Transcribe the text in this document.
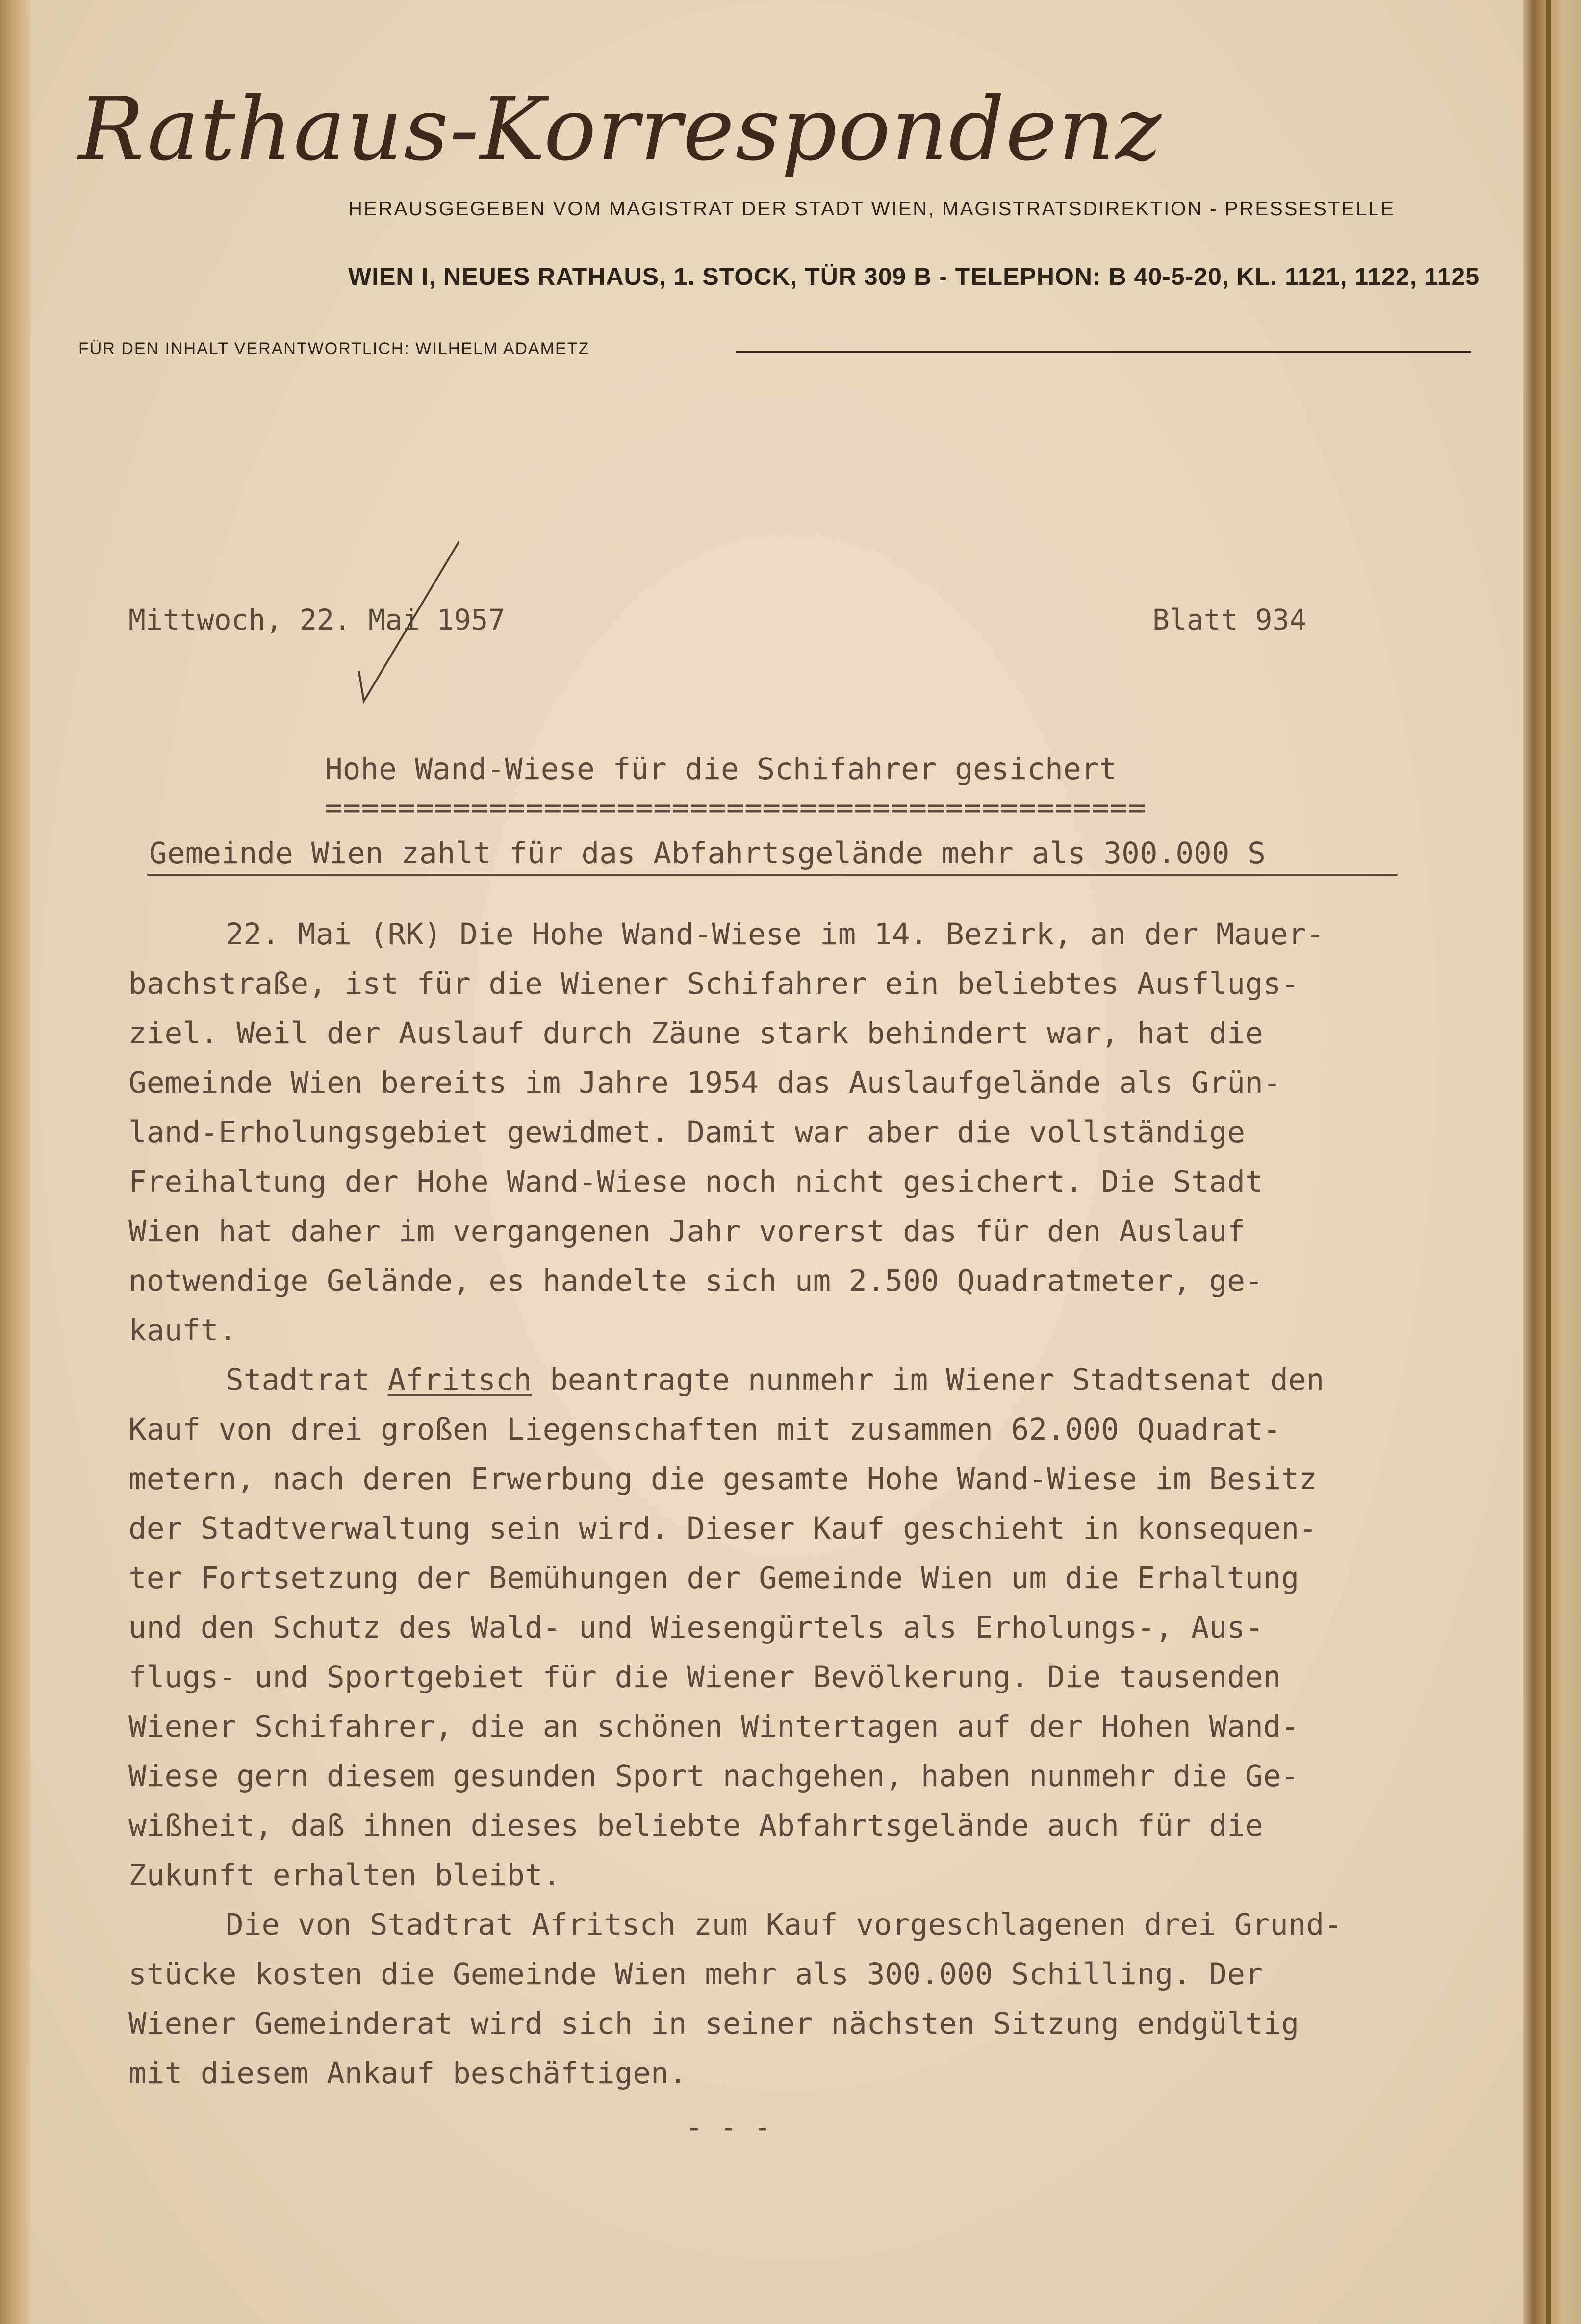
Rathaus-Korrespondenz
HERAUSGEGEBEN VOM MAGISTRAT DER STADT WIEN, MAGISTRATSDIREKTION - PRESSESTELLE
WIEN I, NEUES RATHAUS, 1. STOCK, TÜR 309 B - TELEPHON: B 40-5-20, KL. 1121, 1122, 1125
FÜR DEN INHALT VERANTWORTLICH: WILHELM ADAMETZ
Mittwoch, 22. Mai 1957	Blatt 934
Hohe Wand-Wiese für die Schifahrer gesichert
=============================================
Gemeinde Wien zahlt für das Abfahrtsgelände mehr als 300.000 S
22. Mai (RK) Die Hohe Wand-Wiese im 14. Bezirk, an der Mauer-
bachstraße, ist für die Wiener Schifahrer ein beliebtes Ausflugs-
ziel. Weil der Auslauf durch Zäune stark behindert war, hat die
Gemeinde Wien bereits im Jahre 1954 das Auslaufgelände als Grün-
land-Erholungsgebiet gewidmet. Damit war aber die vollständige
Freihaltung der Hohe Wand-Wiese noch nicht gesichert. Die Stadt
Wien hat daher im vergangenen Jahr vorerst das für den Auslauf
notwendige Gelände, es handelte sich um 2.500 Quadratmeter, ge-
kauft.
Stadtrat Afritsch beantragte nunmehr im Wiener Stadtsenat den
Kauf von drei großen Liegenschaften mit zusammen 62.000 Quadrat-
metern, nach deren Erwerbung die gesamte Hohe Wand-Wiese im Besitz
der Stadtverwaltung sein wird. Dieser Kauf geschieht in konsequen-
ter Fortsetzung der Bemühungen der Gemeinde Wien um die Erhaltung
und den Schutz des Wald- und Wiesengürtels als Erholungs-, Aus-
flugs- und Sportgebiet für die Wiener Bevölkerung. Die tausenden
Wiener Schifahrer, die an schönen Wintertagen auf der Hohen Wand-
Wiese gern diesem gesunden Sport nachgehen, haben nunmehr die Ge-
wißheit, daß ihnen dieses beliebte Abfahrtsgelände auch für die
Zukunft erhalten bleibt.
Die von Stadtrat Afritsch zum Kauf vorgeschlagenen drei Grund-
stücke kosten die Gemeinde Wien mehr als 300.000 Schilling. Der
Wiener Gemeinderat wird sich in seiner nächsten Sitzung endgültig
mit diesem Ankauf beschäftigen.
- - -
